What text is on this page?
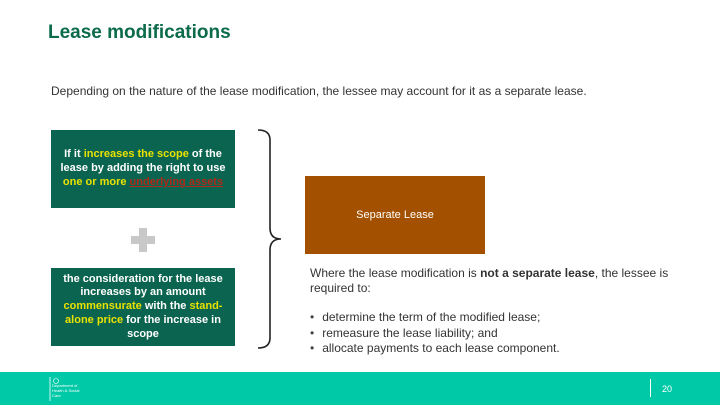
Lease modifications
Depending on the nature of the lease modification, the lessee may account for it as a separate lease.
If it increases the scope of the lease by adding the right to use one or more underlying assets
the consideration for the lease increases by an amount commensurate with the stand-alone price for the increase in scope
Separate Lease
Where the lease modification is not a separate lease, the lessee is required to:
• determine the term of the modified lease;
• remeasure the lease liability; and
• allocate payments to each lease component.
Department of Health & Social Care
20
